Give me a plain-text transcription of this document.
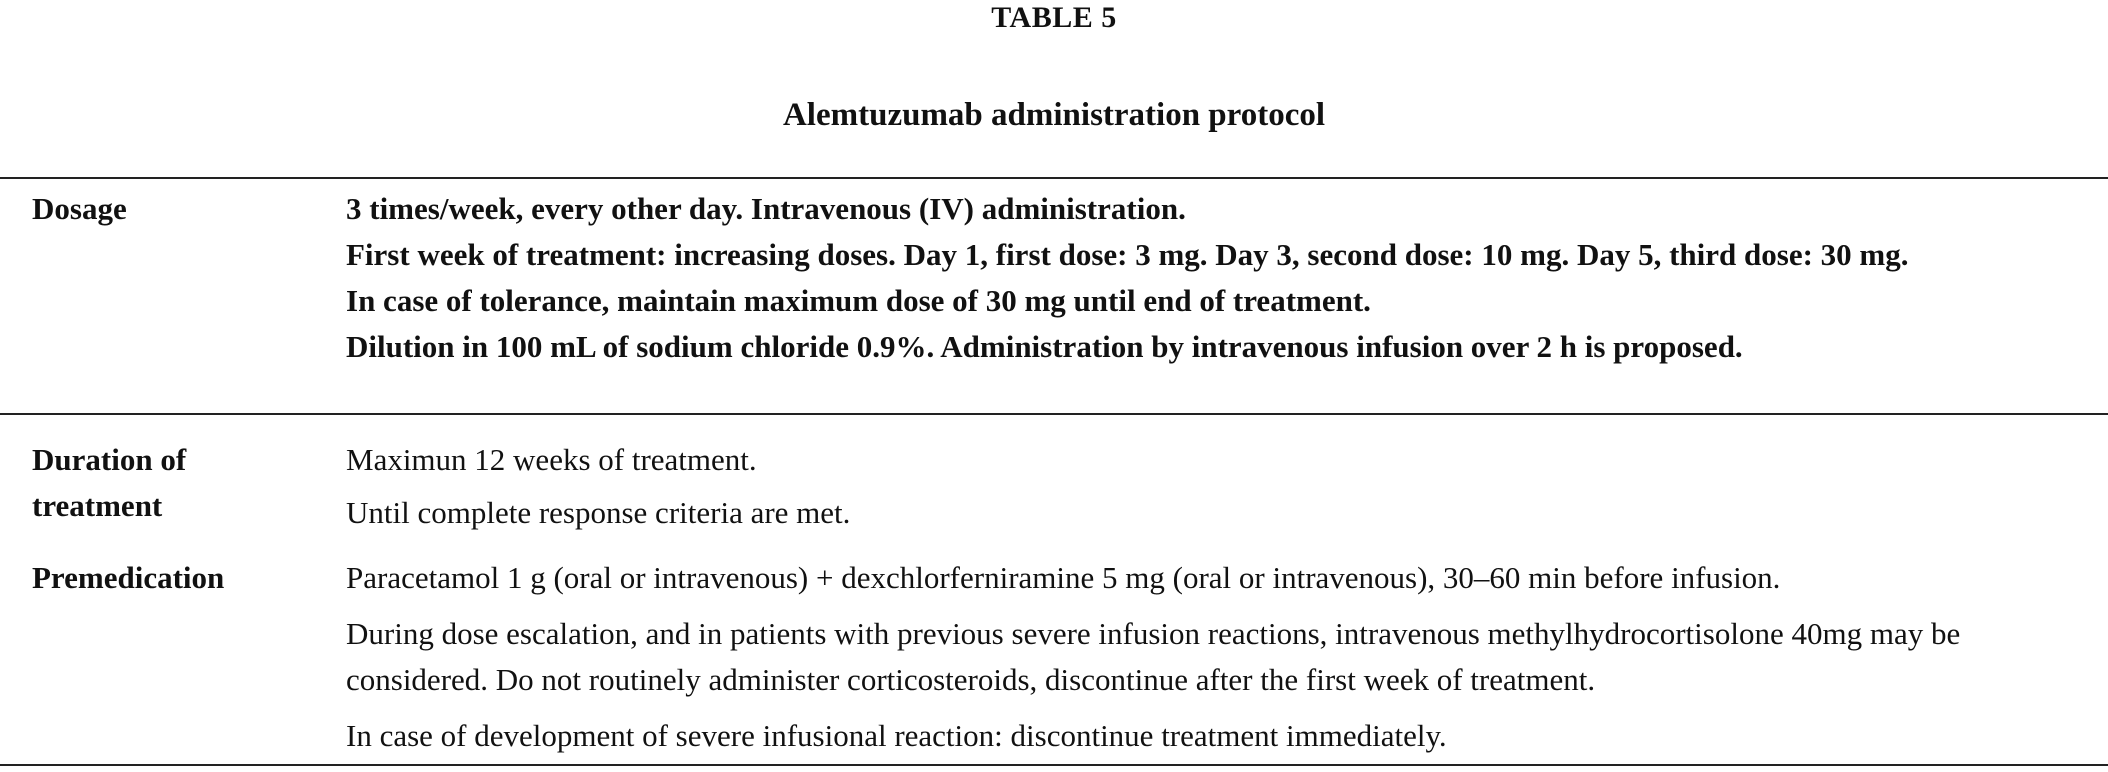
TABLE 5
Alemtuzumab administration protocol
Dosage	3 times/week, every other day. Intravenous (IV) administration.

First week of treatment: increasing doses. Day 1, first dose: 3 mg. Day 3, second dose: 10 mg. Day 5, third dose: 30 mg.

In case of tolerance, maintain maximum dose of 30 mg until end of treatment.

Dilution in 100 mL of sodium chloride 0.9%. Administration by intravenous infusion over 2 h is proposed.

Duration of treatment

Maximun 12 weeks of treatment.

Until complete response criteria are met.

Premedication	Paracetamol 1 g (oral or intravenous) + dexchlorferniramine 5 mg (oral or intravenous), 30–60 min before infusion.

During dose escalation, and in patients with previous severe infusion reactions, intravenous methylhydrocortisolone 40mg may be considered. Do not routinely administer corticosteroids, discontinue after the first week of treatment.

In case of development of severe infusional reaction: discontinue treatment immediately.
